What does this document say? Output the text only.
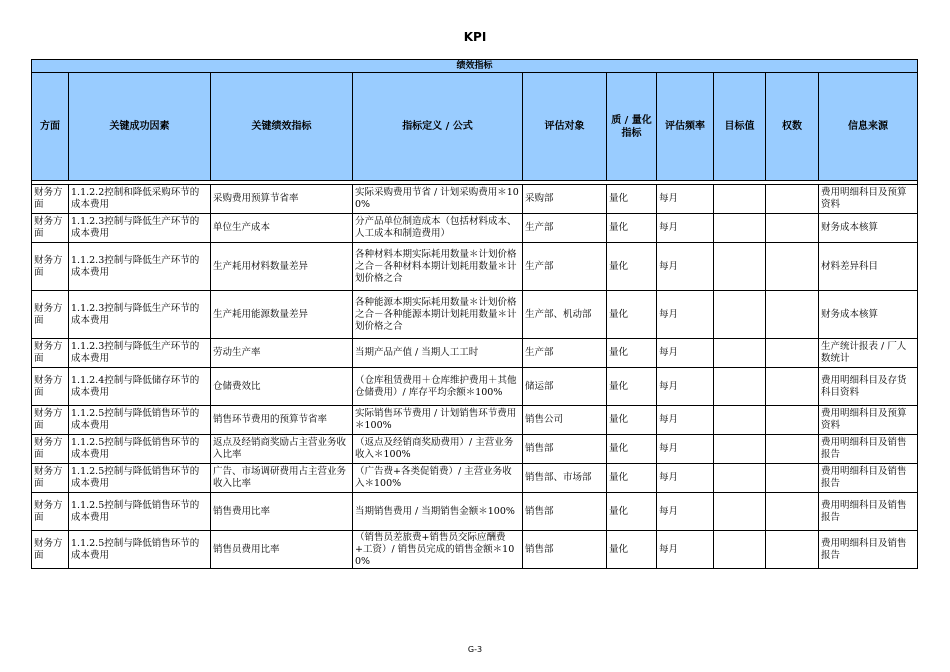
KPI
绩效指标									
方面	关键成功因素	关键绩效指标	指标定义 / 公式	评估对象	质 / 量化指标	评估频率	目标值	权数	信息来源

财务方面	1.1.2.2控制和降低采购环节的成本费用	采购费用预算节省率	实际采购费用节省 / 计划采购费用＊100%	采购部	量化	每月			费用明细科目及预算资料
财务方面	1.1.2.3控制与降低生产环节的成本费用	单位生产成本	分产品单位制造成本（包括材料成本、人工成本和制造费用）	生产部	量化	每月			财务成本核算
财务方面	1.1.2.3控制与降低生产环节的成本费用	生产耗用材料数量差异	各种材料本期实际耗用数量＊计划价格之合－各种材料本期计划耗用数量＊计划价格之合	生产部	量化	每月			材料差异科目
财务方面	1.1.2.3控制与降低生产环节的成本费用	生产耗用能源数量差异	各种能源本期实际耗用数量＊计划价格之合－各种能源本期计划耗用数量＊计划价格之合	生产部、机动部	量化	每月			财务成本核算
财务方面	1.1.2.3控制与降低生产环节的成本费用	劳动生产率	当期产品产值 / 当期人工工时	生产部	量化	每月			生产统计报表 / 厂人数统计
财务方面	1.1.2.4控制与降低储存环节的成本费用	仓储费效比	（仓库租赁费用＋仓库维护费用＋其他仓储费用）/ 库存平均余额＊100%	储运部	量化	每月			费用明细科目及存货科目资料
财务方面	1.1.2.5控制与降低销售环节的成本费用	销售环节费用的预算节省率	实际销售环节费用 / 计划销售环节费用＊100%	销售公司	量化	每月			费用明细科目及预算资料
财务方面	1.1.2.5控制与降低销售环节的成本费用	返点及经销商奖励占主营业务收入比率	（返点及经销商奖励费用）/ 主营业务收入＊100%	销售部	量化	每月			费用明细科目及销售报告
财务方面	1.1.2.5控制与降低销售环节的成本费用	广告、市场调研费用占主营业务收入比率	（广告费+各类促销费）/ 主营业务收入＊100%	销售部、市场部	量化	每月			费用明细科目及销售报告
财务方面	1.1.2.5控制与降低销售环节的成本费用	销售费用比率	当期销售费用 / 当期销售金额＊100%	销售部	量化	每月			费用明细科目及销售报告
财务方面	1.1.2.5控制与降低销售环节的成本费用	销售员费用比率	（销售员差旅费+销售员交际应酬费+工资）/ 销售员完成的销售金额＊100%	销售部	量化	每月			费用明细科目及销售报告
G-3
